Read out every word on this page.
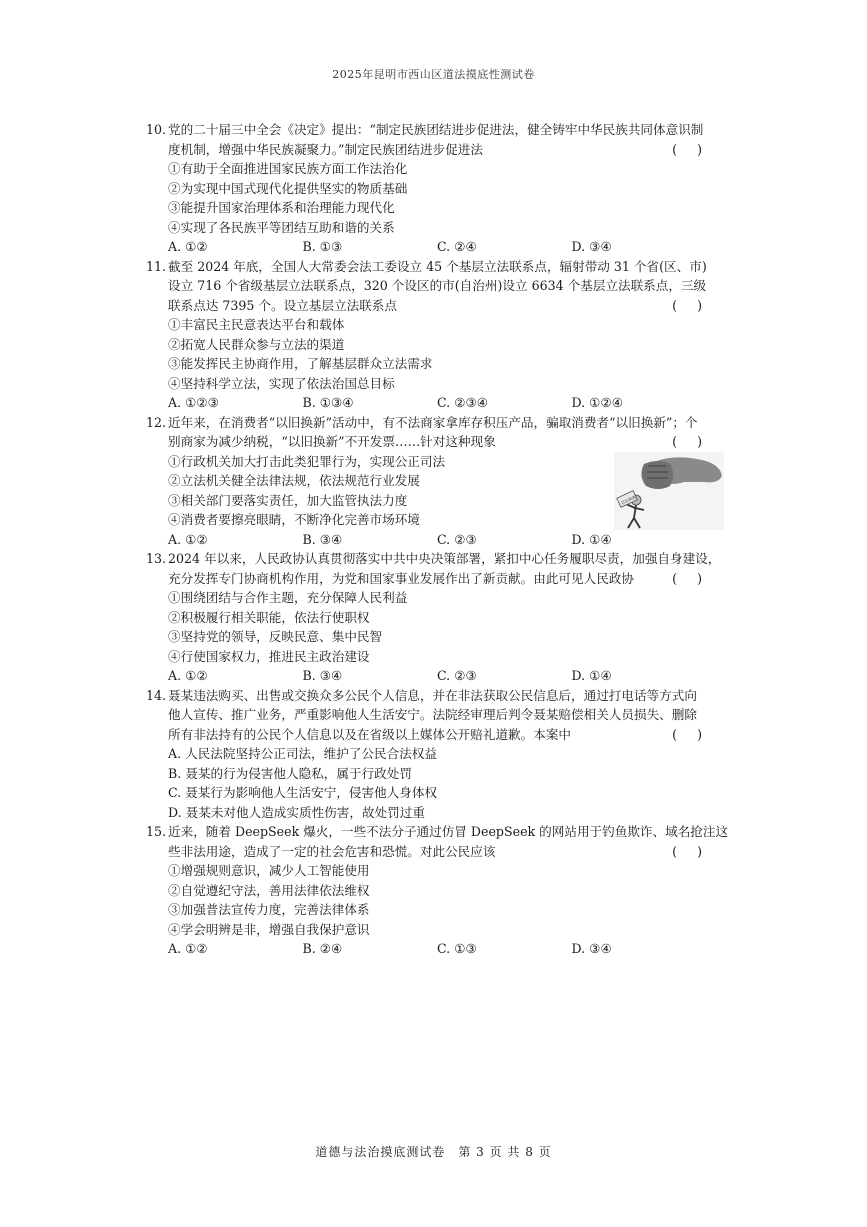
2025年昆明市西山区道法摸底性测试卷
10. 党的二十届三中全会《决定》提出：“制定民族团结进步促进法，健全铸牢中华民族共同体意识制
度机制，增强中华民族凝聚力。”制定民族团结进步促进法	(     )
①有助于全面推进国家民族方面工作法治化
②为实现中国式现代化提供坚实的物质基础
③能提升国家治理体系和治理能力现代化
④实现了各民族平等团结互助和谐的关系
A. ①②	B. ①③	C. ②④	D. ③④
11. 截至 2024 年底，全国人大常委会法工委设立 45 个基层立法联系点，辐射带动 31 个省(区、市)
设立 716 个省级基层立法联系点，320 个设区的市(自治州)设立 6634 个基层立法联系点，三级
联系点达 7395 个。设立基层立法联系点	(     )
①丰富民主民意表达平台和载体
②拓宽人民群众参与立法的渠道
③能发挥民主协商作用，了解基层群众立法需求
④坚持科学立法，实现了依法治国总目标
A. ①②③	B. ①③④	C. ②③④	D. ①②④
12. 近年来，在消费者“以旧换新”活动中，有不法商家拿库存积压产品，骗取消费者“以旧换新”；个
别商家为减少纳税，“以旧换新”不开发票……针对这种现象	(     )
①行政机关加大打击此类犯罪行为，实现公正司法
②立法机关健全法律法规，依法规范行业发展
③相关部门要落实责任，加大监管执法力度
④消费者要擦亮眼睛，不断净化完善市场环境
A. ①②	B. ③④	C. ②③	D. ①④
13. 2024 年以来，人民政协认真贯彻落实中共中央决策部署，紧扣中心任务履职尽责，加强自身建设，
充分发挥专门协商机构作用，为党和国家事业发展作出了新贡献。由此可见人民政协	(     )
①围绕团结与合作主题，充分保障人民利益
②积极履行相关职能，依法行使职权
③坚持党的领导，反映民意、集中民智
④行使国家权力，推进民主政治建设
A. ①②	B. ③④	C. ②③	D. ①④
14. 聂某违法购买、出售或交换众多公民个人信息，并在非法获取公民信息后，通过打电话等方式向
他人宣传、推广业务，严重影响他人生活安宁。法院经审理后判令聂某赔偿相关人员损失、删除
所有非法持有的公民个人信息以及在省级以上媒体公开赔礼道歉。本案中	(     )
A. 人民法院坚持公正司法，维护了公民合法权益
B. 聂某的行为侵害他人隐私，属于行政处罚
C. 聂某行为影响他人生活安宁，侵害他人身体权
D. 聂某未对他人造成实质性伤害，故处罚过重
15. 近来，随着 DeepSeek 爆火，一些不法分子通过仿冒 DeepSeek 的网站用于钓鱼欺诈、域名抢注这
些非法用途，造成了一定的社会危害和恐慌。对此公民应该	(     )
①增强规则意识，减少人工智能使用
②自觉遵纪守法，善用法律依法维权
③加强普法宣传力度，完善法律体系
④学会明辨是非，增强自我保护意识
A. ①②	B. ②④	C. ①③	D. ③④
以旧换新
道德与法治摸底测试卷　第 3 页 共 8 页
